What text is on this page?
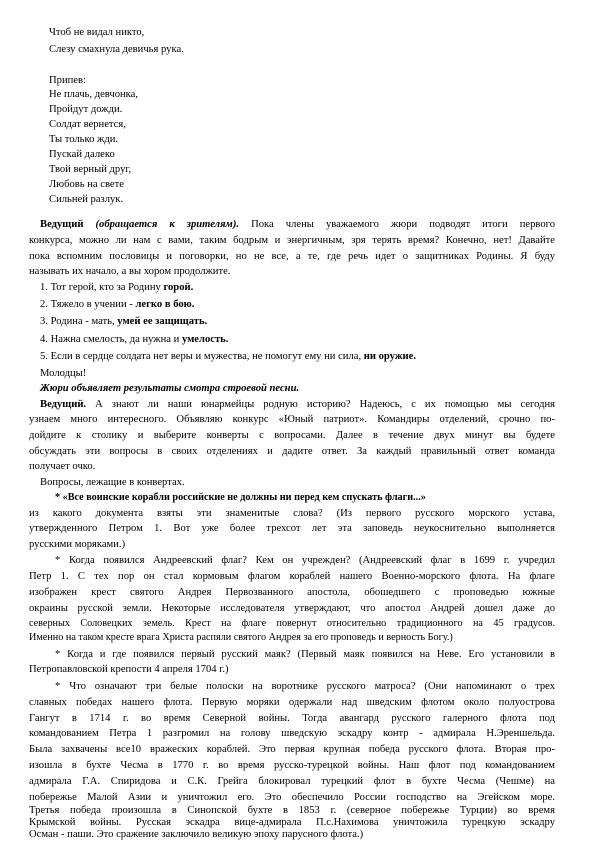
Чтоб не видал никто,
Слезу смахнула девичья рука.
Припев:
Не плачь, девчонка,
Пройдут дожди.
Солдат вернется,
Ты только жди.
Пускай далеко
Твой верный друг,
Любовь на свете
Сильней разлук.
Ведущий (обращается к зрителям). Пока члены уважаемого жюри подводят итоги первого
конкурса, можно ли нам с вами, таким бодрым и энергичным, зря терять время? Конечно, нет! Давайте
пока вспомним пословицы и поговорки, но не все, а те, где речь идет о защитниках Родины. Я буду
называть их начало, а вы хором продолжите.
1. Тот герой, кто за Родину горой.
2. Тяжело в учении - легко в бою.
3. Родина - мать, умей ее защищать.
4. Нажна смелость, да нужна и умелость.
5. Если в сердце солдата нет веры и мужества, не помогут ему ни сила, ни оружие.
Молодцы!
Жюри объявляет результаты смотра строевой песни.
Ведущий. А знают ли наши юнармейцы родную историю? Надеюсь, с их помощью мы сегодня
узнаем много интересного. Объявляю конкурс «Юный патриот». Командиры отделений, срочно по-
дойдите к столику и выберите конверты с вопросами. Далее в течение двух минут вы будете
обсуждать эти вопросы в своих отделениях и дадите ответ. За каждый правильный ответ команда
получает очко.
Вопросы, лежащие в конвертах.
* «Все воинские корабли российские не должны ни перед кем спускать флаги...»
из какого документа взяты эти знаменитые слова? (Из первого русского морского устава,
утвержденного Петром 1. Вот уже более трехсот лет эта заповедь неукоснительно выполняется
русскими моряками.)
* Когда появился Андреевский флаг? Кем он учрежден? (Андреевский флаг в 1699 г. учредил
Петр 1. С тех пор он стал кормовым флагом кораблей нашего Военно-морского флота. На флаге
изображен крест святого Андрея Первозванного апостола, обошедшего с проповедью южные
окраины русской земли. Некоторые исследователя утверждают, что апостол Андрей дошел даже до
северных Соловецких земель. Крест на флаге повернут относительно традиционного на 45 градусов.
Именно на таком кресте врага Христа распяли святого Андрея за его проповедь и верность Богу.)
* Когда и где появился первый русский маяк? (Первый маяк появился на Неве. Его установили в
Петропавловской крепости 4 апреля 1704 г.)
* Что означают три белые полоски на воротнике русского матроса? (Они напоминают о трех
славных победах нашего флота. Первую моряки одержали над шведским флотом около полуострова
Гангут в 1714 г. во время Северной войны. Тогда авангард русского галерного флота под
командованием Петра 1 разгромил на голову шведскую эскадру контр - адмирала Н.Эреншельда.
Была захвачены все10 вражеских кораблей. Это первая крупная победа русского флота. Вторая про-
изошла в бухте Чесма в 1770 г. во время русско-турецкой войны. Наш флот под командованием
адмирала Г.А. Спиридова и С.К. Грейга блокировал турецкий флот в бухте Чесма (Чешме) на
побережье Малой Азии и уничтожил его. Это обеспечило России господство на Эгейском море.
Третья победа произошла в Синопской бухте в 1853 г. (северное побережье Турции) во время
Крымской войны. Русская эскадра вице-адмирала П.с.Нахимова уничтожила турецкую эскадру
Осман - паши. Это сражение заключило великую эпоху парусного флота.)
